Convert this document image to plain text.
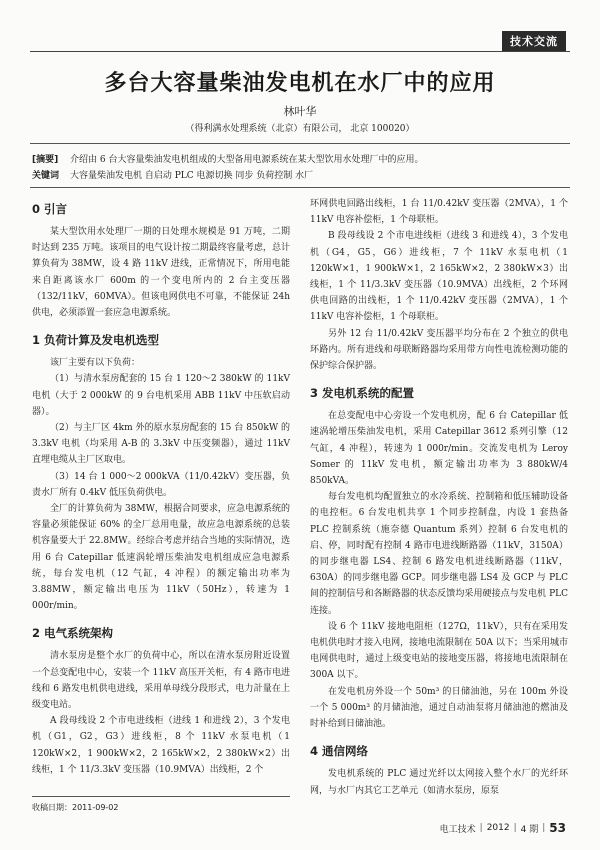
技术交流
多台大容量柴油发电机在水厂中的应用
林叶华
（得利满水处理系统（北京）有限公司， 北京 100020）
[摘要]	介绍由 6 台大容量柴油发电机组成的大型备用电源系统在某大型饮用水处理厂中的应用。
关键词	大容量柴油发电机 自启动 PLC 电源切换 同步 负荷控制 水厂
0 引言

某大型饮用水处理厂一期的日处理水规模是 91 万吨，二期时达到 235 万吨。该项目的电气设计按二期最终容量考虑，总计算负荷为 38MW，设 4 路 11kV 进线，正常情况下，所用电能来自距离该水厂 600m 的一个变电所内的 2 台主变压器（132/11kV，60MVA）。但该电网供电不可靠，不能保证 24h 供电，必须添置一套应急电源系统。

1 负荷计算及发电机选型

该厂主要有以下负荷：

（1）与清水泵房配套的 15 台 1 120～2 380kW 的 11kV 电机（大于 2 000kW 的 9 台电机采用 ABB 11kV 中压软启动器）。

（2）与主厂区 4km 外的原水泵房配套的 15 台 850kW 的 3.3kV 电机（均采用 A-B 的 3.3kV 中压变频器），通过 11kV 直埋电缆从主厂区取电。

（3）14 台 1 000～2 000kVA（11/0.42kV）变压器，负责水厂所有 0.4kV 低压负荷供电。

全厂的计算负荷为 38MW，根据合同要求，应急电源系统的容量必须能保证 60% 的全厂总用电量，故应急电源系统的总装机容量要大于 22.8MW。经综合考虑并结合当地的实际情况，选用 6 台 Catepillar 低速涡轮增压柴油发电机组成应急电源系统，每台发电机（12 气缸，4 冲程）的额定输出功率为 3.88MW，额定输出电压为 11kV（50Hz），转速为 1 000r/min。

2 电气系统架构

清水泵房是整个水厂的负荷中心，所以在清水泵房附近设置一个总变配电中心，安装一个 11kV 高压开关柜，有 4 路市电进线和 6 路发电机供电进线，采用单母线分段形式，电力計量在上级变电站。

A 段母线设 2 个市电进线柜（进线 1 和进线 2），3 个发电机（G1，G2，G3）进线柜，8 个 11kV 水泵电机（1 120kW×2，1 900kW×2，2 165kW×2，2 380kW×2）出线柜，1 个 11/3.3kV 变压器（10.9MVA）出线柜，2 个

环网供电回路出线柜，1 台 11/0.42kV 变压器（2MVA），1 个 11kV 电容补偿柜，1 个母联柜。

B 段母线设 2 个市电进线柜（进线 3 和进线 4），3 个发电机（G4，G5，G6）进线柜，7 个 11kV 水泵电机（1 120kW×1，1 900kW×1，2 165kW×2，2 380kW×3）出线柜，1 个 11/3.3kV 变压器（10.9MVA）出线柜，2 个环网供电回路的出线柜，1 个 11/0.42kV 变压器（2MVA），1 个 11kV 电容补偿柜，1 个母联柜。

另外 12 台 11/0.42kV 变压器平均分布在 2 个独立的供电环路内。所有进线和母联断路器均采用带方向性电流检测功能的保护综合保护器。

3 发电机系统的配置

在总变配电中心旁设一个发电机房，配 6 台 Catepillar 低速涡轮增压柴油发电机，采用 Catepillar 3612 系列引擎（12 气缸，4 冲程），转速为 1 000r/min。交流发电机为 Leroy Somer 的 11kV 发电机，额定输出功率为 3 880kW/4 850kVA。

每台发电机均配置独立的水冷系统、控制箱和低压辅助设备的电控柜。6 台发电机共享 1 个同步控制盘，内设 1 套热备 PLC 控制系统（施奈德 Quantum 系列）控制 6 台发电机的启、停，同时配有控制 4 路市电进线断路器（11kV，3150A）的同步继电器 LS4、控制 6 路发电机进线断路器（11kV，630A）的同步继电器 GCP。同步继电器 LS4 及 GCP 与 PLC 间的控制信号和各断路器的状态反馈均采用硬接点与发电机 PLC 连接。

设 6 个 11kV 接地电阻柜（127Ω，11kV），只有在采用发电机供电时才接入电网，接地电流限制在 50A 以下；当采用城市电网供电时，通过上级变电站的接地变压器，将接地电流限制在 300A 以下。

在发电机房外设一个 50m³ 的日储油池，另在 100m 外设一个 5 000m³ 的月储油池，通过自动油泵将月储油池的燃油及时补给到日储油池。

4 通信网络

发电机系统的 PLC 通过光纤以太网接入整个水厂的光纤环网，与水厂内其它工艺单元（如清水泵房，原泵

收稿日期：2011-09-02
电工技术 | 2012 | 4 期 | 53
